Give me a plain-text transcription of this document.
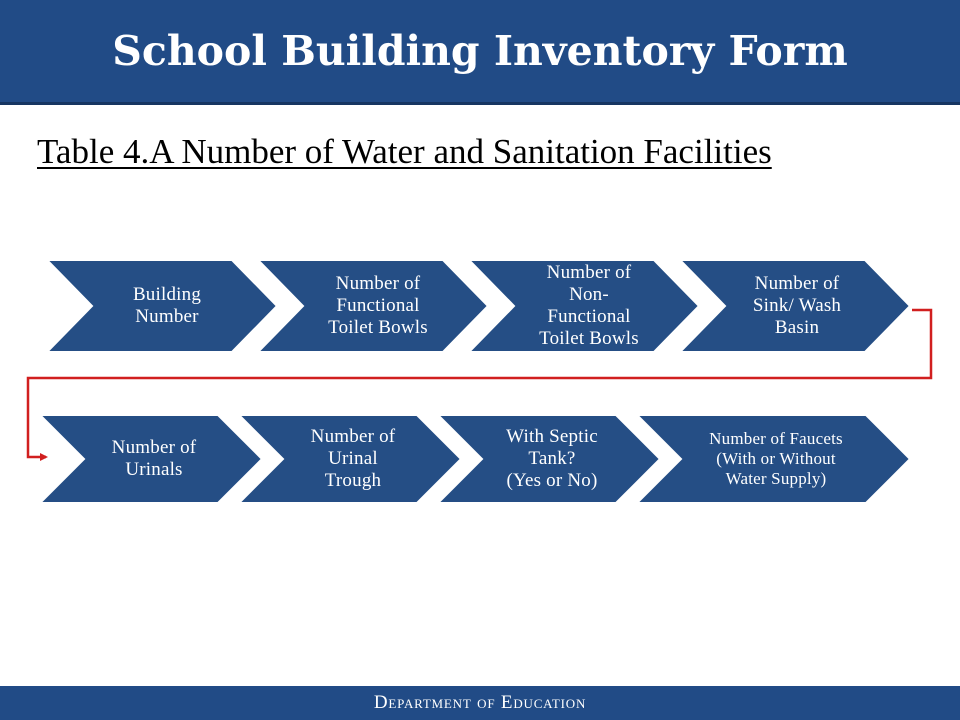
School Building Inventory Form
Table 4.A Number of Water and Sanitation Facilities
Building
Number
Number of
Functional
Toilet Bowls
Number of
Non-
Functional
Toilet Bowls
Number of
Sink/ Wash
Basin
Number of
Urinals
Number of
Urinal
Trough
With Septic
Tank?
(Yes or No)
Number of Faucets
(With or Without
Water Supply)
Department of Education
